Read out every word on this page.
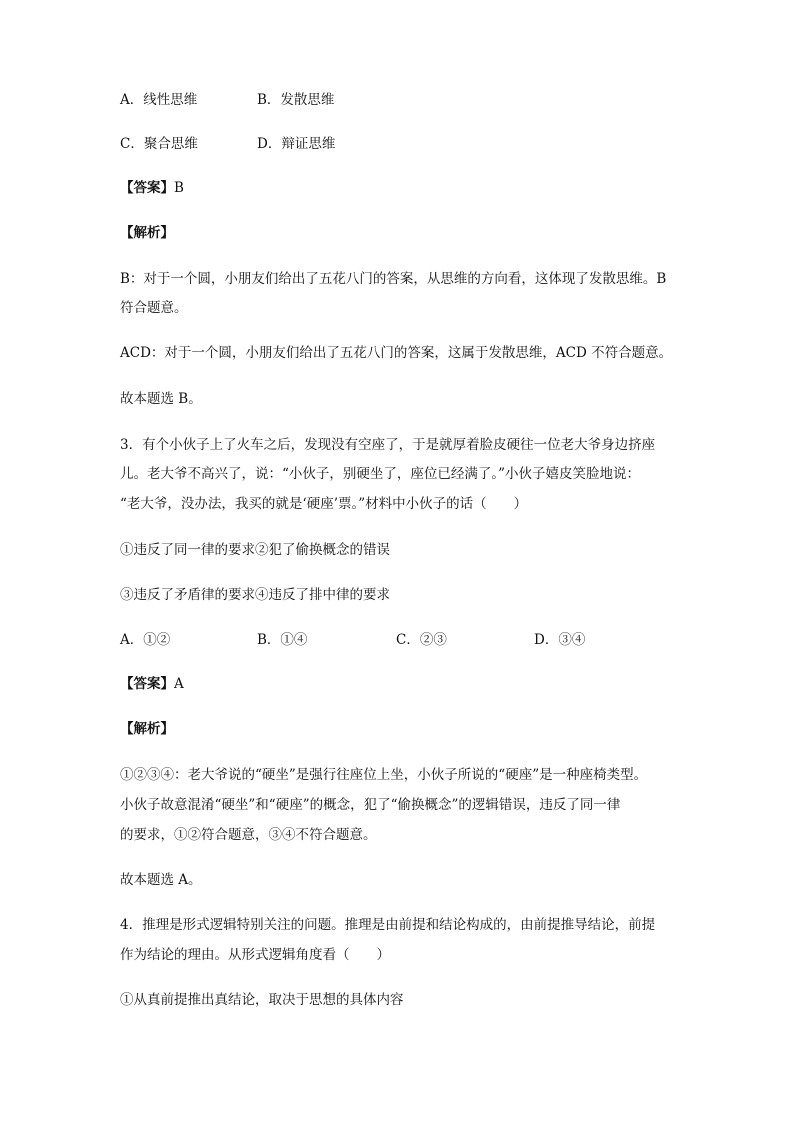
A．线性思维	B．发散思维
C．聚合思维	D．辩证思维
【答案】B
【解析】
B：对于一个圆，小朋友们给出了五花八门的答案，从思维的方向看，这体现了发散思维。B
符合题意。
ACD：对于一个圆，小朋友们给出了五花八门的答案，这属于发散思维，ACD 不符合题意。
故本题选 B。
3．有个小伙子上了火车之后，发现没有空座了，于是就厚着脸皮硬往一位老大爷身边挤座
儿。老大爷不高兴了，说：“小伙子，别硬坐了，座位已经满了。”小伙子嬉皮笑脸地说：
“老大爷，没办法，我买的就是‘硬座’票。”材料中小伙子的话（　　）
①违反了同一律的要求②犯了偷换概念的错误
③违反了矛盾律的要求④违反了排中律的要求
A．①②	B．①④	C．②③	D．③④
【答案】A
【解析】
①②③④：老大爷说的“硬坐”是强行往座位上坐，小伙子所说的“硬座”是一种座椅类型。
小伙子故意混淆“硬坐”和“硬座”的概念，犯了“偷换概念”的逻辑错误，违反了同一律
的要求，①②符合题意，③④不符合题意。
故本题选 A。
4．推理是形式逻辑特别关注的问题。推理是由前提和结论构成的，由前提推导结论，前提
作为结论的理由。从形式逻辑角度看（　　）
①从真前提推出真结论，取决于思想的具体内容
